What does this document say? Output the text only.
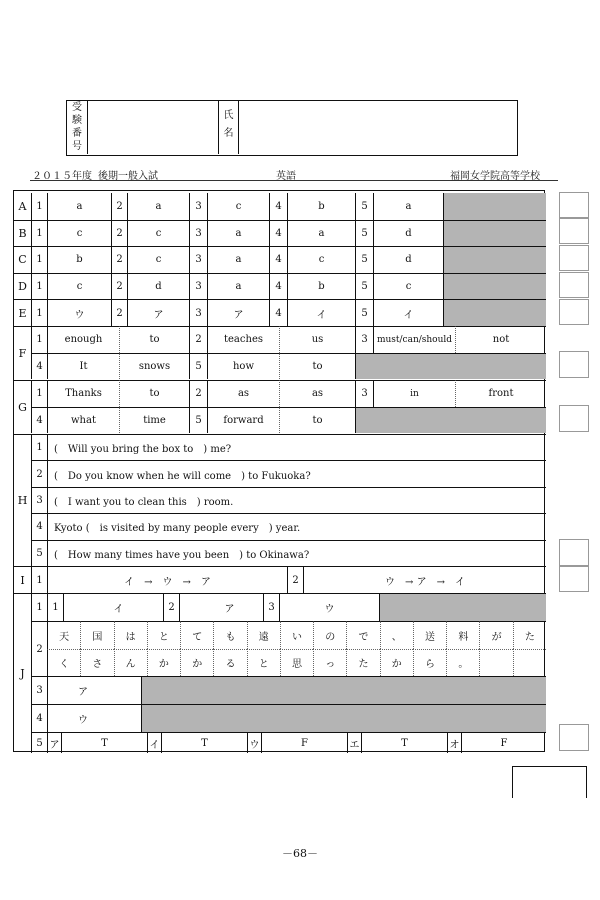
受
験
番
号
氏
名
２０１５年度 後期一般入試	英語	福岡女学院高等学校
A 1	a	2	a	3	c	4	b	5	a
B 1	c	2	c	3	a	4	a	5	d
C 1	b	2	c	3	a	4	c	5	d
D 1	c	2	d	3	a	4	b	5	c
E 1	ウ	2	ア	3	ア	4	イ	5	イ
F
1	enough	to	2	teaches	us	3	must/can/should	not
4	It	snows	5	how	to
G
1	Thanks	to	2	as	as	3	in	front
4	what	time	5	forward	to
H
1	(　Will you bring the box to　) me?
2	(　Do you know when he will come　) to Fukuoka?
3	(　I want you to clean this　) room.
4	Kyoto (　is visited by many people every　) year.
5	(　How many times have you been　) to Okinawa?
I	1	イ　→　ウ　→　ア	2	ウ　→ ア　→　イ
J
1 1	イ	2	ア	3	ウ
2
天	国	は	と	て	も	遠	い	の	で	、	送	料	が	た
く	さ	ん	か	か	る	と	思	っ	た	か	ら	。
3	ア
4	ウ
5 ア	T	イ	T	ウ	F	エ	T	オ	F
－68－
